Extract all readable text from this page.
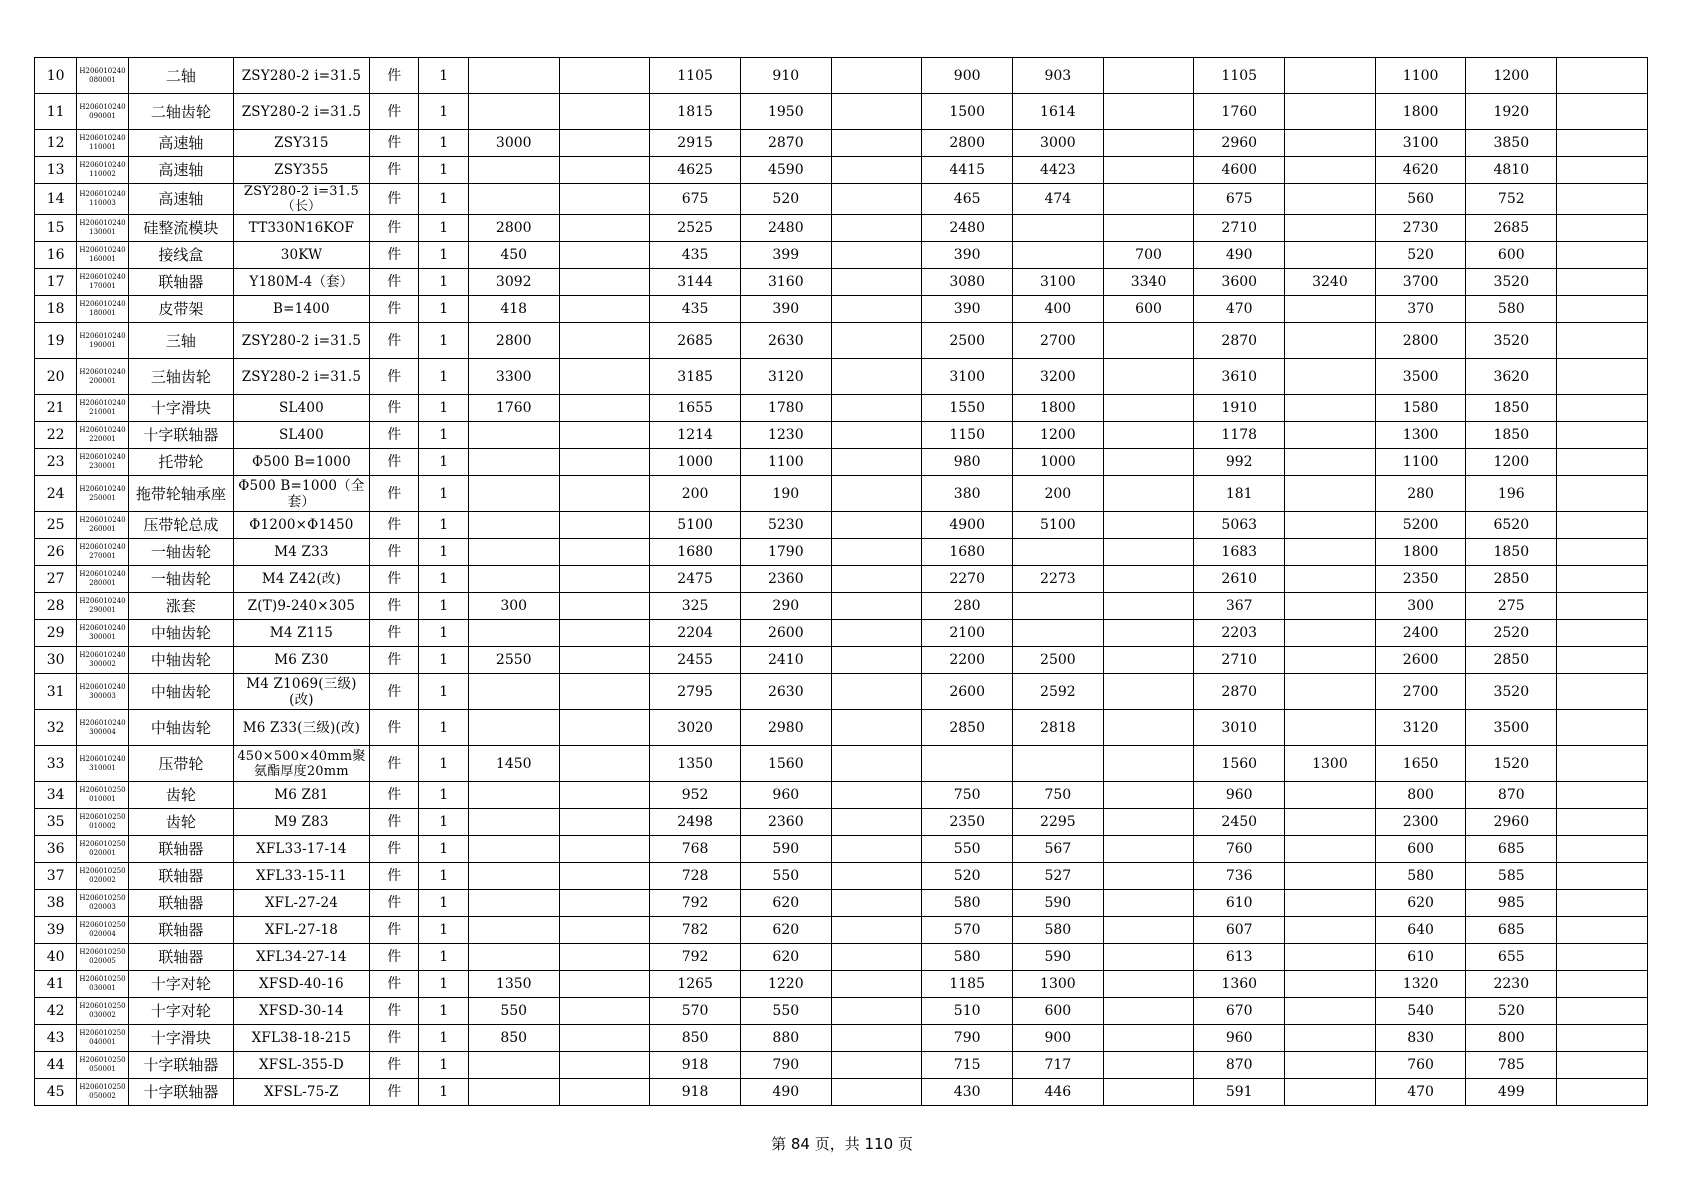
10	H206010240080001	二轴	ZSY280-2 i=31.5	件	1			1105	910		900	903		1105		1100	1200	
11	H206010240090001	二轴齿轮	ZSY280-2 i=31.5	件	1			1815	1950		1500	1614		1760		1800	1920	
12	H206010240110001	高速轴	ZSY315	件	1	3000		2915	2870		2800	3000		2960		3100	3850	
13	H206010240110002	高速轴	ZSY355	件	1			4625	4590		4415	4423		4600		4620	4810	
14	H206010240110003	高速轴	ZSY280-2 i=31.5（长）	件	1			675	520		465	474		675		560	752	
15	H206010240130001	硅整流模块	TT330N16KOF	件	1	2800		2525	2480		2480			2710		2730	2685	
16	H206010240160001	接线盒	30KW	件	1	450		435	399		390		700	490		520	600	
17	H206010240170001	联轴器	Y180M-4（套）	件	1	3092		3144	3160		3080	3100	3340	3600	3240	3700	3520	
18	H206010240180001	皮带架	B=1400	件	1	418		435	390		390	400	600	470		370	580	
19	H206010240190001	三轴	ZSY280-2 i=31.5	件	1	2800		2685	2630		2500	2700		2870		2800	3520	
20	H206010240200001	三轴齿轮	ZSY280-2 i=31.5	件	1	3300		3185	3120		3100	3200		3610		3500	3620	
21	H206010240210001	十字滑块	SL400	件	1	1760		1655	1780		1550	1800		1910		1580	1850	
22	H206010240220001	十字联轴器	SL400	件	1			1214	1230		1150	1200		1178		1300	1850	
23	H206010240230001	托带轮	Φ500 B=1000	件	1			1000	1100		980	1000		992		1100	1200	
24	H206010240250001	拖带轮轴承座	Φ500 B=1000（全套）	件	1			200	190		380	200		181		280	196	
25	H206010240260001	压带轮总成	Φ1200×Φ1450	件	1			5100	5230		4900	5100		5063		5200	6520	
26	H206010240270001	一轴齿轮	M4 Z33	件	1			1680	1790		1680			1683		1800	1850	
27	H206010240280001	一轴齿轮	M4 Z42(改)	件	1			2475	2360		2270	2273		2610		2350	2850	
28	H206010240290001	涨套	Z(T)9-240×305	件	1	300		325	290		280			367		300	275	
29	H206010240300001	中轴齿轮	M4 Z115	件	1			2204	2600		2100			2203		2400	2520	
30	H206010240300002	中轴齿轮	M6 Z30	件	1	2550		2455	2410		2200	2500		2710		2600	2850	
31	H206010240300003	中轴齿轮	M4 Z1069(三级)(改)	件	1			2795	2630		2600	2592		2870		2700	3520	
32	H206010240300004	中轴齿轮	M6 Z33(三级)(改)	件	1			3020	2980		2850	2818		3010		3120	3500	
33	H206010240310001	压带轮	450×500×40mm聚氨酯厚度20mm	件	1	1450		1350	1560					1560	1300	1650	1520	
34	H206010250010001	齿轮	M6 Z81	件	1			952	960		750	750		960		800	870	
35	H206010250010002	齿轮	M9 Z83	件	1			2498	2360		2350	2295		2450		2300	2960	
36	H206010250020001	联轴器	XFL33-17-14	件	1			768	590		550	567		760		600	685	
37	H206010250020002	联轴器	XFL33-15-11	件	1			728	550		520	527		736		580	585	
38	H206010250020003	联轴器	XFL-27-24	件	1			792	620		580	590		610		620	985	
39	H206010250020004	联轴器	XFL-27-18	件	1			782	620		570	580		607		640	685	
40	H206010250020005	联轴器	XFL34-27-14	件	1			792	620		580	590		613		610	655	
41	H206010250030001	十字对轮	XFSD-40-16	件	1	1350		1265	1220		1185	1300		1360		1320	2230	
42	H206010250030002	十字对轮	XFSD-30-14	件	1	550		570	550		510	600		670		540	520	
43	H206010250040001	十字滑块	XFL38-18-215	件	1	850		850	880		790	900		960		830	800	
44	H206010250050001	十字联轴器	XFSL-355-D	件	1			918	790		715	717		870		760	785	
45	H206010250050002	十字联轴器	XFSL-75-Z	件	1			918	490		430	446		591		470	499	
第 84 页，共 110 页
